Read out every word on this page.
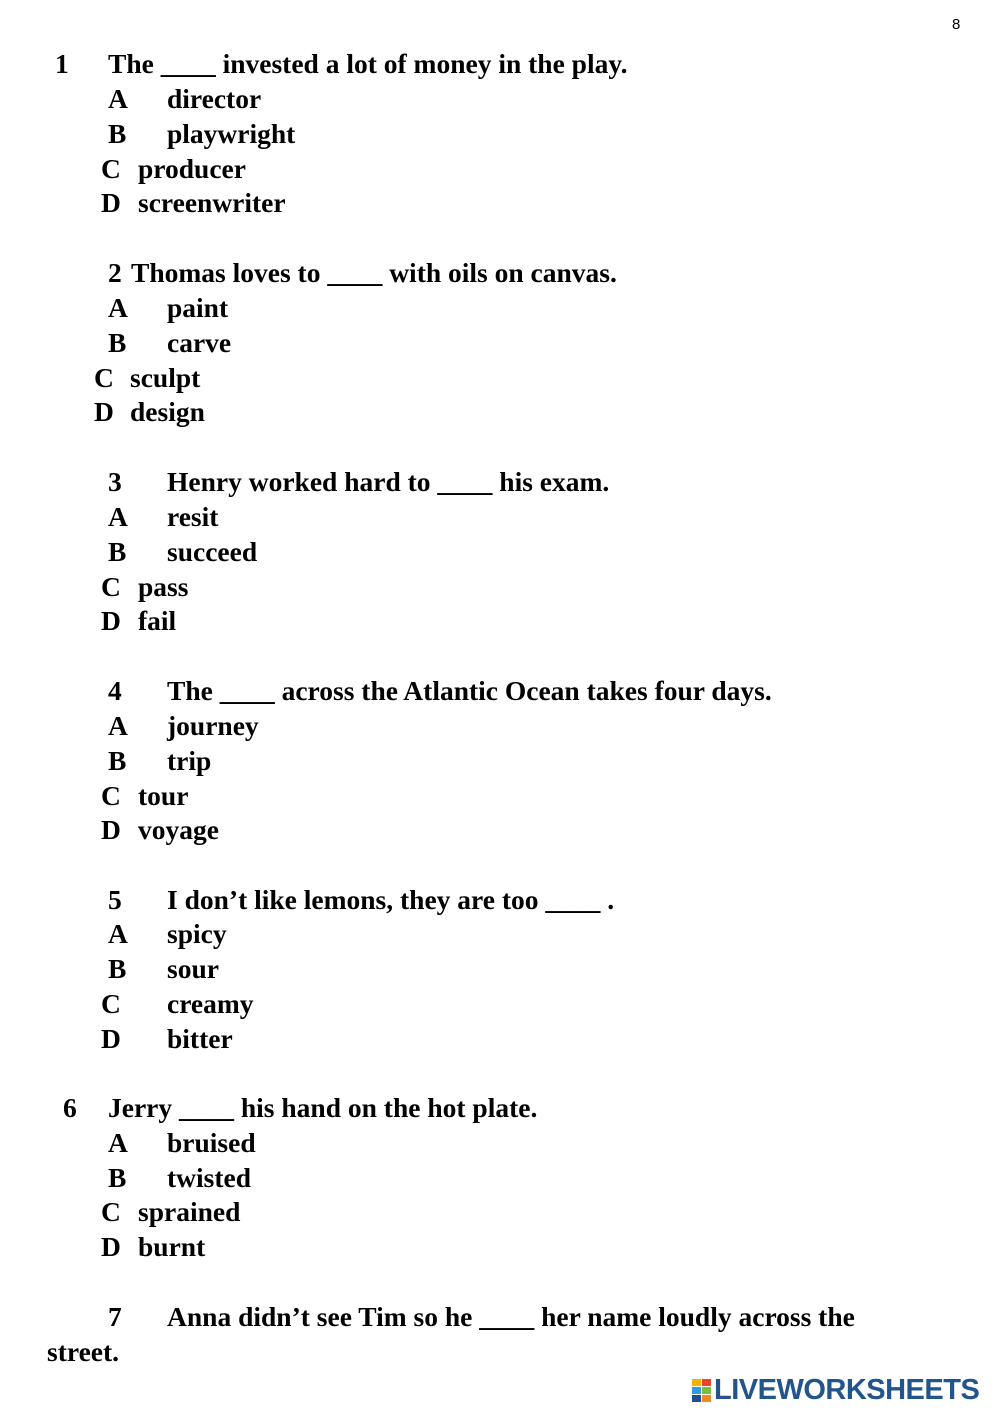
8
1 The ____ invested a lot of money in the play.
A director
B playwright
C producer
D screenwriter
2 Thomas loves to ____ with oils on canvas.
A paint
B carve
C sculpt
D design
3 Henry worked hard to ____ his exam.
A resit
B succeed
C pass
D fail
4 The ____ across the Atlantic Ocean takes four days.
A journey
B trip
C tour
D voyage
5 I don’t like lemons, they are too ____ .
A spicy
B sour
C creamy
D bitter
6 Jerry ____ his hand on the hot plate.
A bruised
B twisted
C sprained
D burnt
7 Anna didn’t see Tim so he ____ her name loudly across the
street.
LIVEWORKSHEETS
